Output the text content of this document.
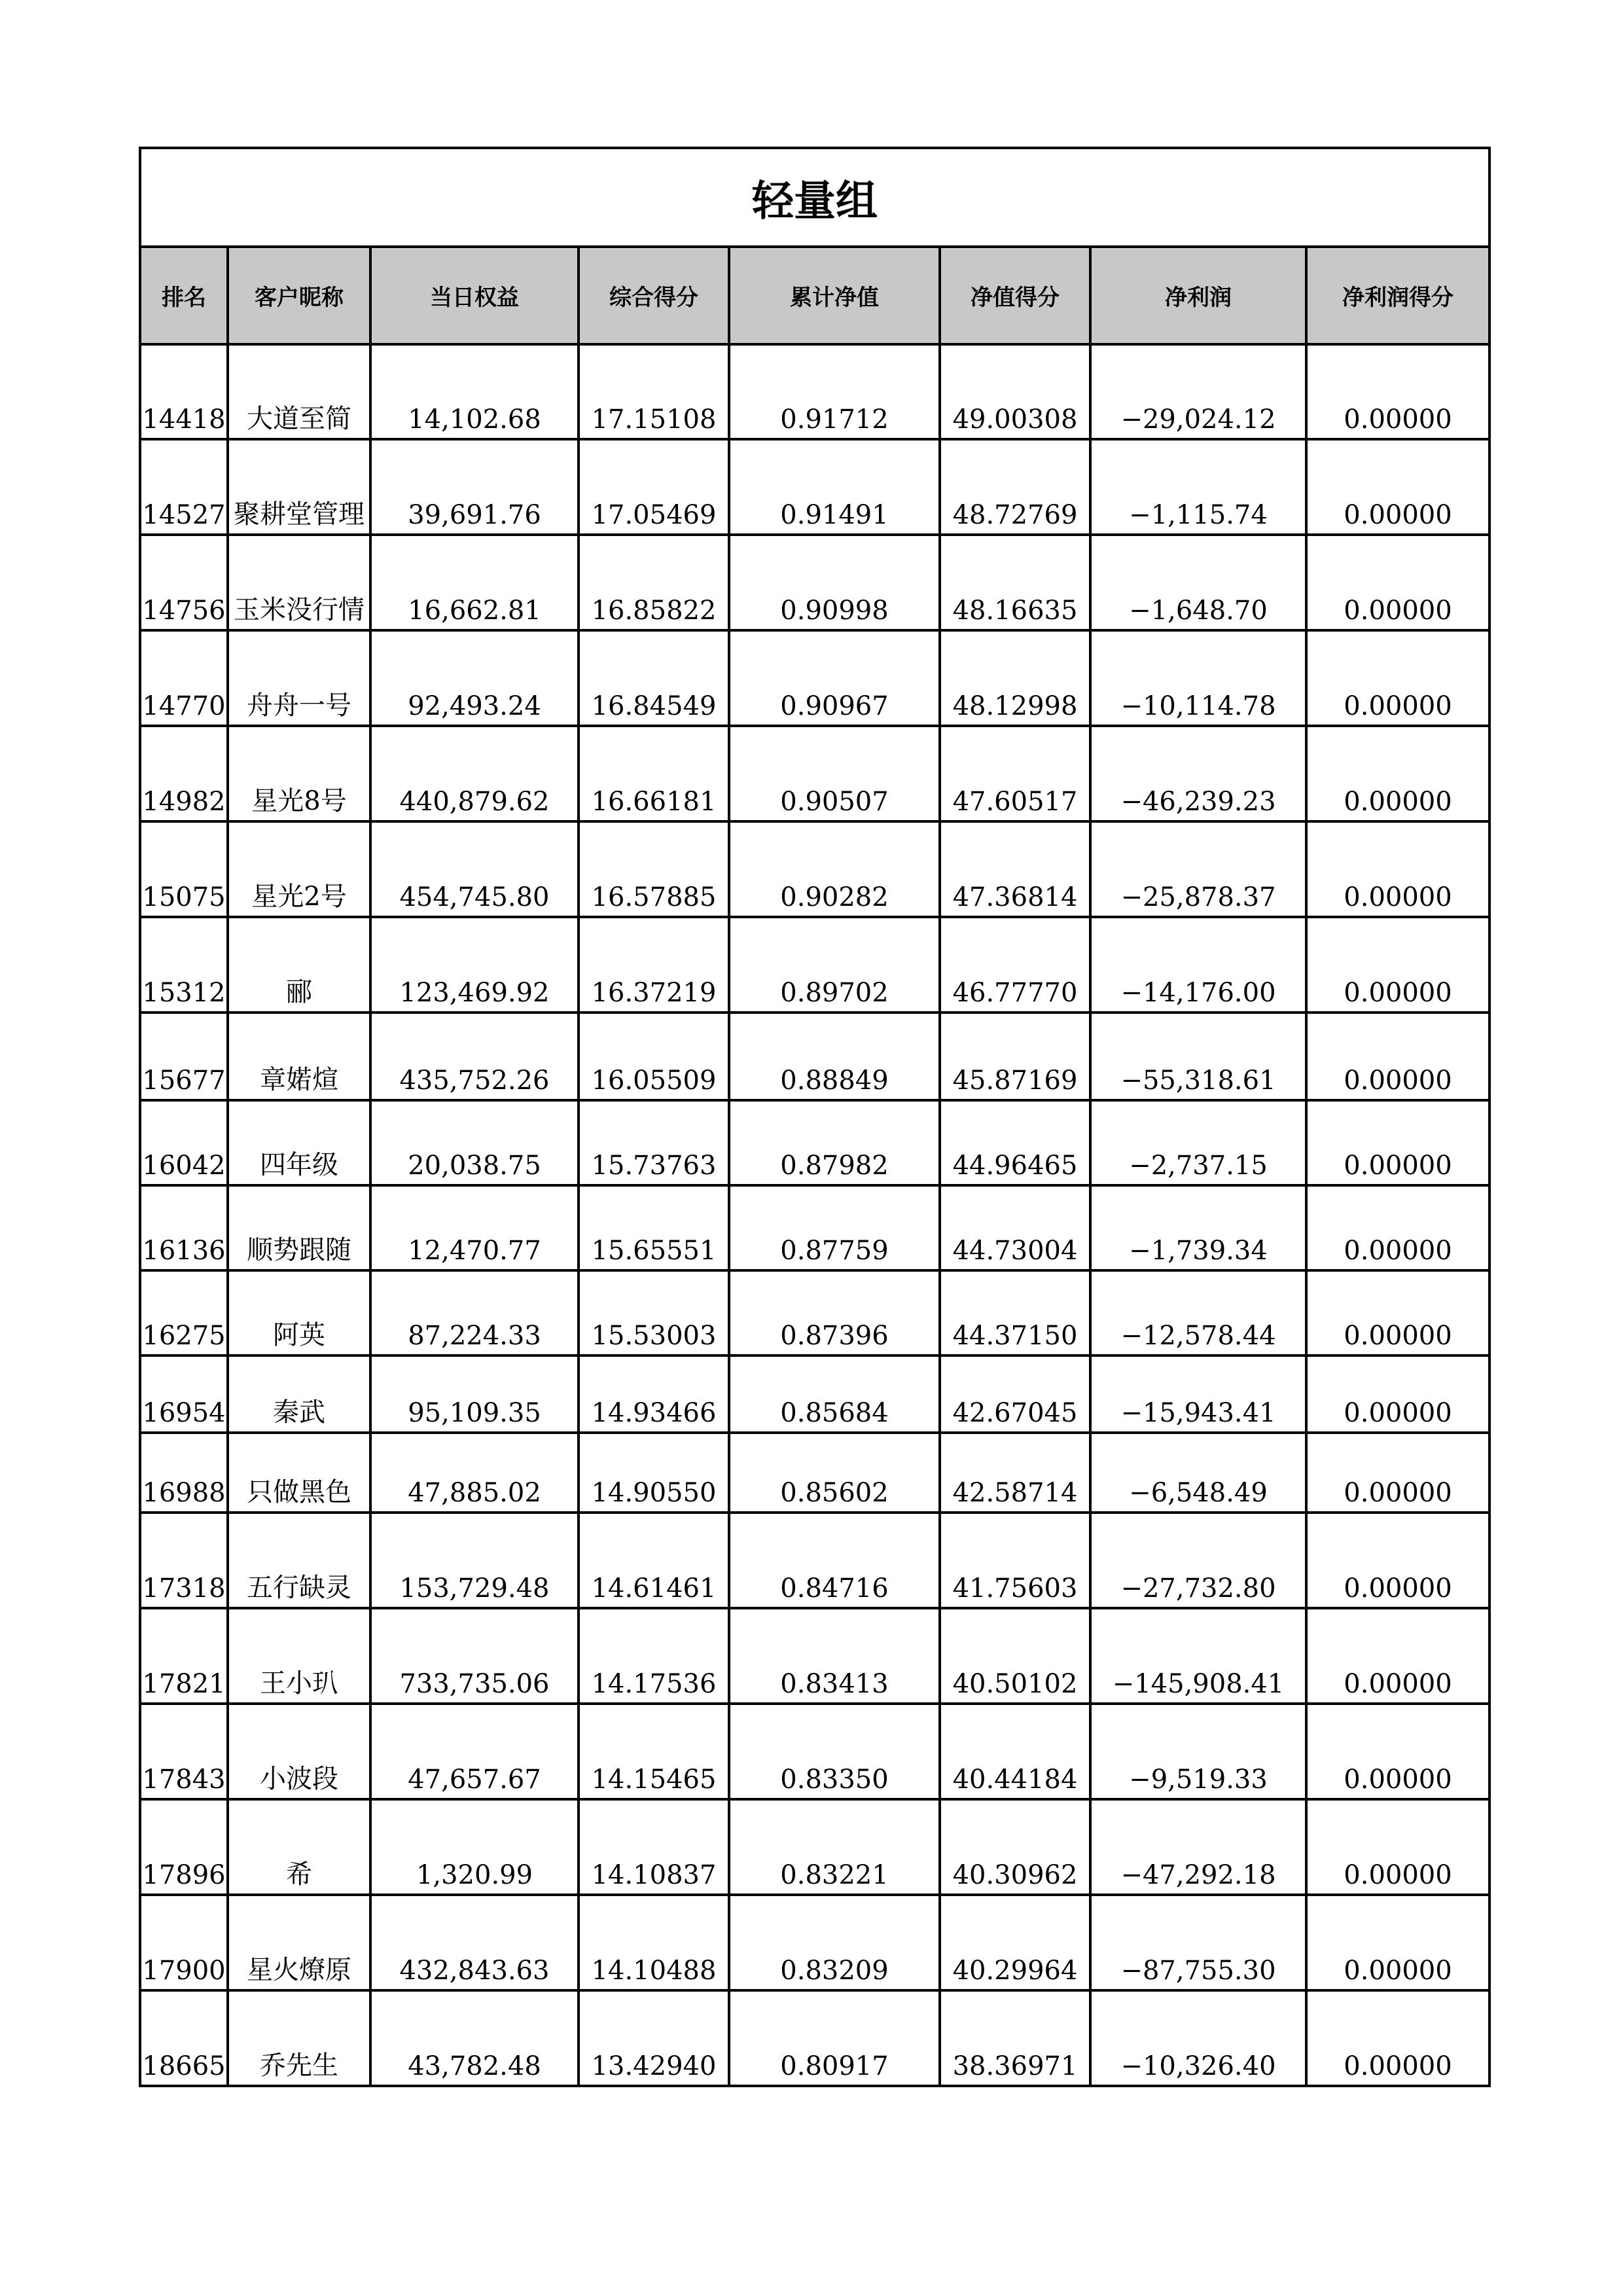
轻量组							
排名	客户昵称	当日权益	综合得分	累计净值	净值得分	净利润	净利润得分
14418	大道至简	14,102.68	17.15108	0.91712	49.00308	−29,024.12	0.00000
14527	聚耕堂管理	39,691.76	17.05469	0.91491	48.72769	−1,115.74	0.00000
14756	玉米没行情	16,662.81	16.85822	0.90998	48.16635	−1,648.70	0.00000
14770	舟舟一号	92,493.24	16.84549	0.90967	48.12998	−10,114.78	0.00000
14982	星光8号	440,879.62	16.66181	0.90507	47.60517	−46,239.23	0.00000
15075	星光2号	454,745.80	16.57885	0.90282	47.36814	−25,878.37	0.00000
15312	郦	123,469.92	16.37219	0.89702	46.77770	−14,176.00	0.00000
15677	章婼煊	435,752.26	16.05509	0.88849	45.87169	−55,318.61	0.00000
16042	四年级	20,038.75	15.73763	0.87982	44.96465	−2,737.15	0.00000
16136	顺势跟随	12,470.77	15.65551	0.87759	44.73004	−1,739.34	0.00000
16275	阿英	87,224.33	15.53003	0.87396	44.37150	−12,578.44	0.00000
16954	秦武	95,109.35	14.93466	0.85684	42.67045	−15,943.41	0.00000
16988	只做黑色	47,885.02	14.90550	0.85602	42.58714	−6,548.49	0.00000
17318	五行缺灵	153,729.48	14.61461	0.84716	41.75603	−27,732.80	0.00000
17821	王小玐	733,735.06	14.17536	0.83413	40.50102	−145,908.41	0.00000
17843	小波段	47,657.67	14.15465	0.83350	40.44184	−9,519.33	0.00000
17896	希	1,320.99	14.10837	0.83221	40.30962	−47,292.18	0.00000
17900	星火燎原	432,843.63	14.10488	0.83209	40.29964	−87,755.30	0.00000
18665	乔先生	43,782.48	13.42940	0.80917	38.36971	−10,326.40	0.00000
